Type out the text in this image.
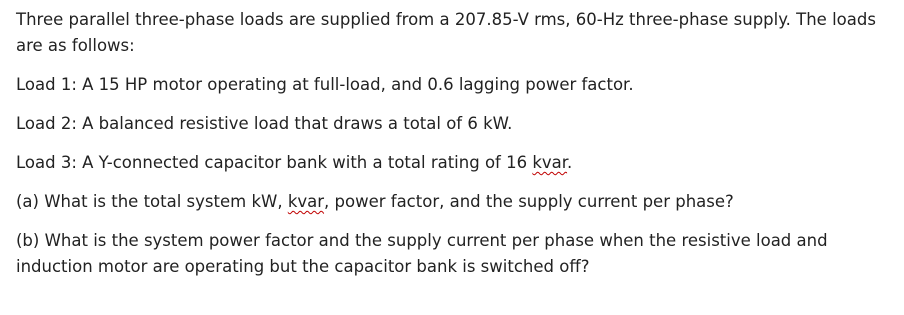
Three parallel three-phase loads are supplied from a 207.85-V rms, 60-Hz three-phase supply. The loads are as follows:

Load 1: A 15 HP motor operating at full-load, and 0.6 lagging power factor.

Load 2: A balanced resistive load that draws a total of 6 kW.

Load 3: A Y-connected capacitor bank with a total rating of 16 kvar.

(a) What is the total system kW, kvar, power factor, and the supply current per phase?

(b) What is the system power factor and the supply current per phase when the resistive load and induction motor are operating but the capacitor bank is switched off?
